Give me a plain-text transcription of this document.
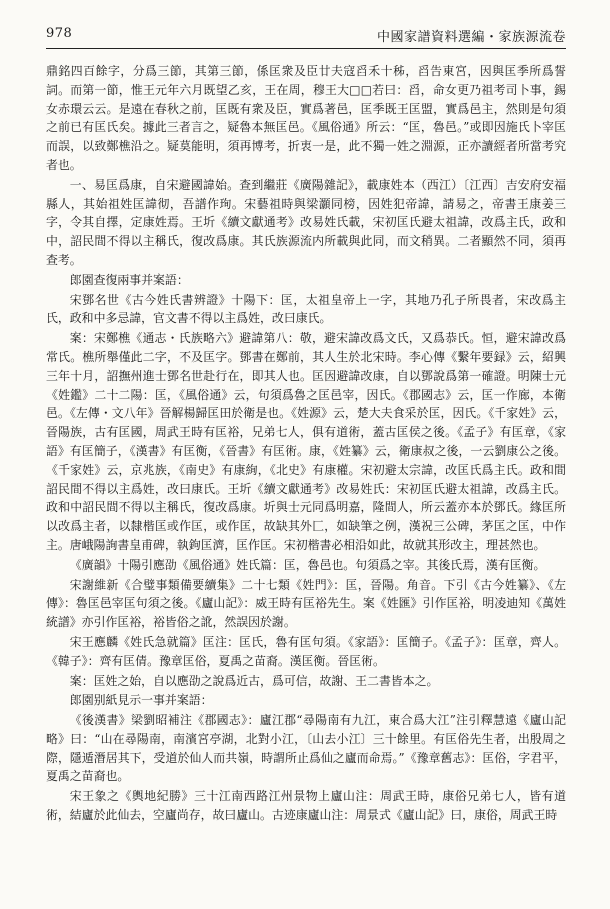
978	中國家譜資料選編・家族源流卷

鼎銘四百餘字，分爲三節，其第三節，係匡衆及臣廿夫寇舀禾十秭，舀告東宮，因與匡季所爲誓詞。而第一節，惟王元年六月既望乙亥，王在周，穆王大□□若曰：舀，命女更乃祖考司卜事，錫女赤環云云。是遠在春秋之前，匡既有衆及臣，實爲著邑，匡季既王匡盟，實爲邑主，然則是句須之前已有匡氏矣。據此三者言之，疑魯本無匡邑。《風俗通》所云：“匡，魯邑。”或即因施氏卜宰匡而誤，以致鄭樵沿之。疑莫能明，須再博考，折衷一是，此不獨一姓之淵源，正亦讀經者所當考究者也。

一、易匡爲康，自宋避國諱始。查到繼莊《廣陽雜記》，載康姓本（西江）〔江西〕吉安府安福縣人，其始祖姓匡諱彻，吾譜作珣。宋藝祖時與梁灝同榜，因姓犯帝諱，請易之，帝書王康姜三字，令其自擇，定康姓焉。王圻《續文獻通考》改易姓氏載，宋初匡氏避太祖諱，改爲主氏，政和中，詔民間不得以主稱氏，復改爲康。其氏族源流内所載與此同，而文稍異。二者顯然不同，須再查考。

郎園查復兩事并案語：

宋鄧名世《古今姓氏書辨證》十陽下：匡，太祖皇帝上一字，其地乃孔子所畏者，宋改爲主氏，政和中多忌諱，官文書不得以主爲姓，改曰康氏。

案：宋鄭樵《通志・氏族略六》避諱第八：敬，避宋諱改爲文氏，又爲恭氏。恒，避宋諱改爲常氏。樵所舉僅此二字，不及匡字。鄧書在鄭前，其人生於北宋時。李心傳《繫年要録》云，紹興三年十月，詔撫州進士鄧名世赴行在，即其人也。匡因避諱改康，自以鄧說爲第一確證。明陳士元《姓鑑》二十二陽：匡，《風俗通》云，句須爲魯之匡邑宰，因氏。《郡國志》云，匡一作廊，本衛邑。《左傳・文八年》晉解楊歸匡田於衛是也。《姓源》云，楚大夫食采於匡，因氏。《千家姓》云，晉陽族，古有匡國，周武王時有匡裕，兄弟七人，俱有道術，蓋古匡侯之後。《孟子》有匡章，《家語》有匡簡子，《漢書》有匡衡，《晉書》有匡術。康，《姓纂》云，衛康叔之後，一云劉康公之後。《千家姓》云，京兆族，《南史》有康絢，《北史》有康權。宋初避太宗諱，改匡氏爲主氏。政和間詔民間不得以主爲姓，改曰康氏。王圻《續文獻通考》改易姓氏：宋初匡氏避太祖諱，改爲主氏。政和中詔民間不得以主稱氏，復改爲康。圻與士元同爲明嘉，隆間人，所云蓋亦本於鄧氏。緣匡所以改爲主者，以隸楷匡或作匡，或作匡，故缺其外匚，如缺筆之例，漢祝三公碑，茅匡之匡，中作主。唐峨陽詢書皇甫碑，執鉤匡濟，匡作匡。宋初楷書必相沿如此，故就其形改主，理甚然也。

《廣韻》十陽引應劭《風俗通》姓氏篇：匡，魯邑也。句須爲之宰。其後氏焉，漢有匡衡。

宋謝維新《合璧事類備要續集》二十七類《姓門》：匡，晉陽。角音。下引《古今姓纂》、《左傳》：魯匡邑宰匡句須之後。《廬山記》：威王時有匡裕先生。案《姓匯》引作匡裕，明凌迪知《萬姓統譜》亦引作匡裕，裕皆俗之訛，然誤因於謝。

宋王應麟《姓氏急就篇》匡注：匡氏，魯有匡句須。《家語》：匡簡子。《孟子》：匡章，齊人。《韓子》：齊有匡倩。豫章匡俗，夏禹之苗裔。漢匡衡。晉匡術。

案：匡姓之始，自以應劭之說爲近古，爲可信，故謝、王二書皆本之。

郎園别紙見示一事并案語：

《後漢書》梁劉昭補注《郡國志》：廬江郡“尋陽南有九江，東合爲大江”注引釋慧遠《廬山記略》曰：“山在尋陽南，南濱宮亭湖，北對小江，〔山去小江〕三十餘里。有匡俗先生者，出殷周之際，隱遁潛居其下，受道於仙人而共嶺，時謂所止爲仙之廬而命焉。”《豫章舊志》：匡俗，字君平，夏禹之苗裔也。

宋王象之《輿地紀勝》三十江南西路江州景物上廬山注：周武王時，康俗兄弟七人，皆有道術，結廬於此仙去，空廬尚存，故曰廬山。古迹康廬山注：周景式《廬山記》曰，康俗，周武王時
